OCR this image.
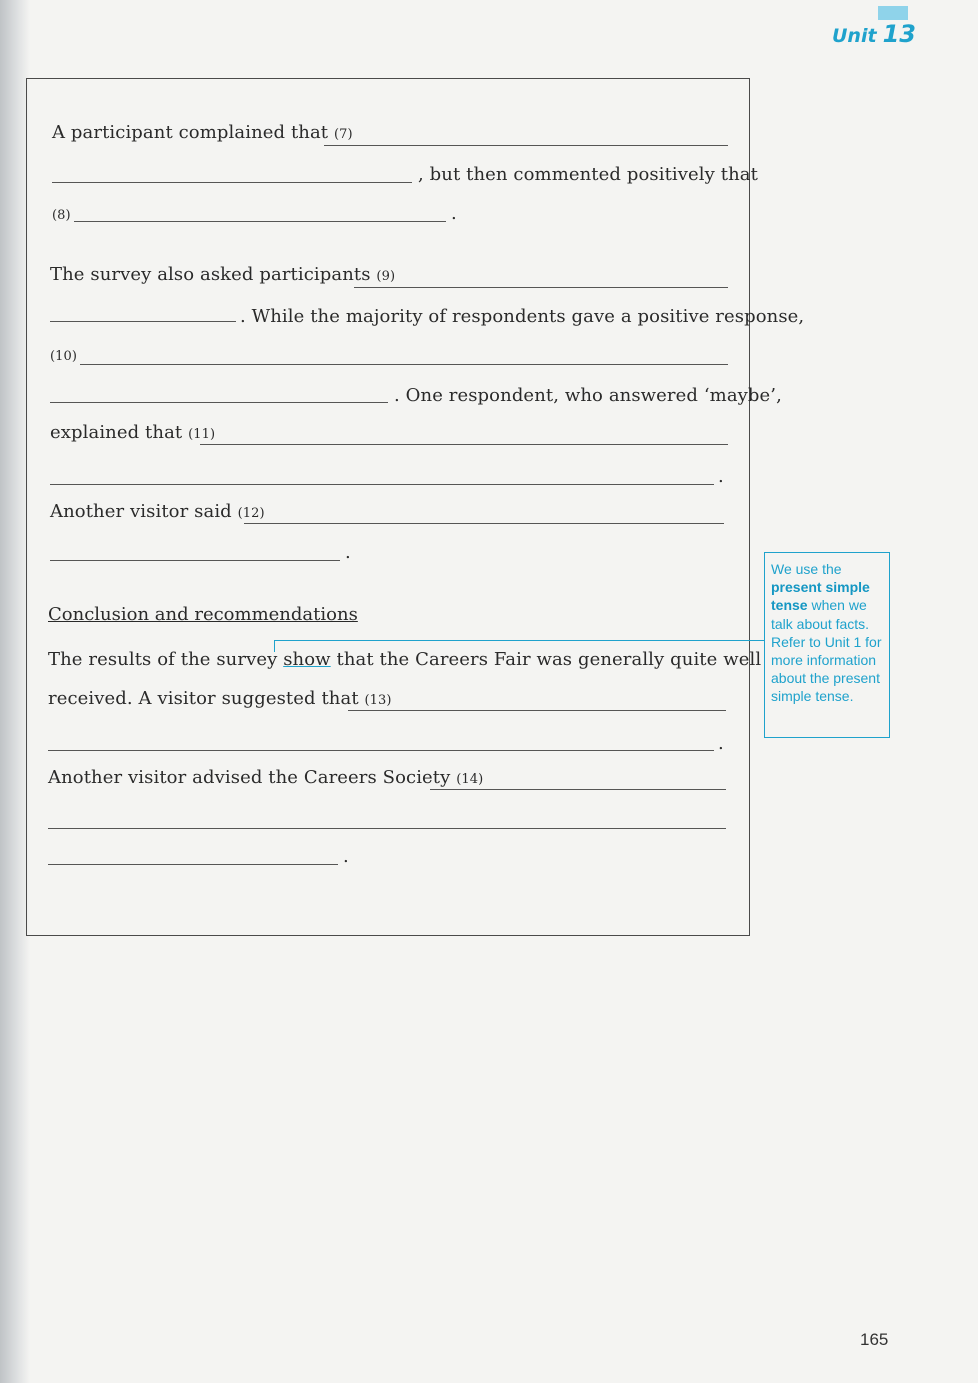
Unit 13
A participant complained that (7)
, but then commented positively that
(8)	.
The survey also asked participants (9)
. While the majority of respondents gave a positive response,
(10)
. One respondent, who answered ‘maybe’,
explained that (11)
.
Another visitor said (12)
.
Conclusion and recommendations
The results of the survey show that the Careers Fair was generally quite well
received. A visitor suggested that (13)
.
Another visitor advised the Careers Society (14)
.
We use the present simple tense when we talk about facts. Refer to Unit 1 for more information about the present simple tense.
165
